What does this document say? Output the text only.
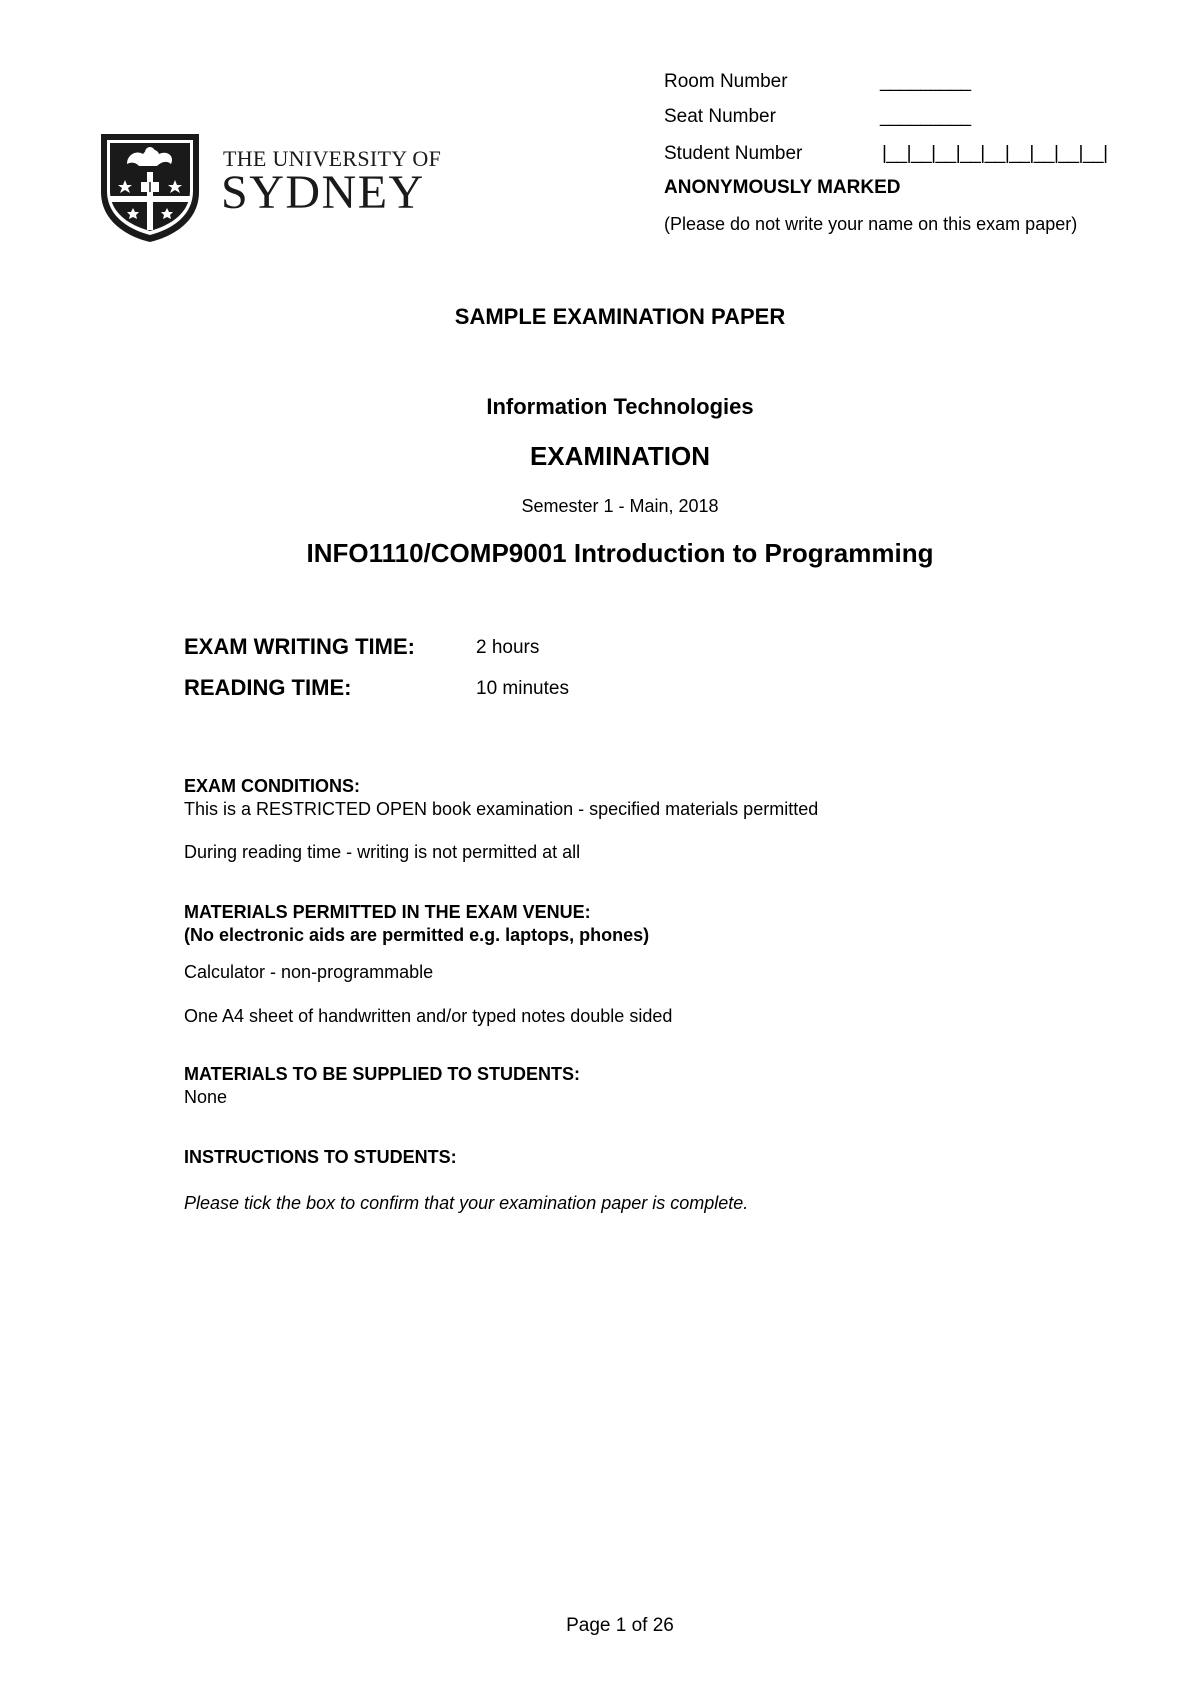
THE UNIVERSITY OF
SYDNEY
Room Number	_________
Seat Number	_________
Student Number	|__|__|__|__|__|__|__|__|__|
ANONYMOUSLY MARKED
(Please do not write your name on this exam paper)
SAMPLE EXAMINATION PAPER
Information Technologies
EXAMINATION
Semester 1 - Main, 2018
INFO1110/COMP9001 Introduction to Programming
EXAM WRITING TIME:	2 hours
READING TIME:	10 minutes
EXAM CONDITIONS:
This is a RESTRICTED OPEN book examination - specified materials permitted
During reading time - writing is not permitted at all
MATERIALS PERMITTED IN THE EXAM VENUE:
(No electronic aids are permitted e.g. laptops, phones)
Calculator - non-programmable
One A4 sheet of handwritten and/or typed notes double sided
MATERIALS TO BE SUPPLIED TO STUDENTS:
None
INSTRUCTIONS TO STUDENTS:
Please tick the box to confirm that your examination paper is complete.
Page 1 of 26
